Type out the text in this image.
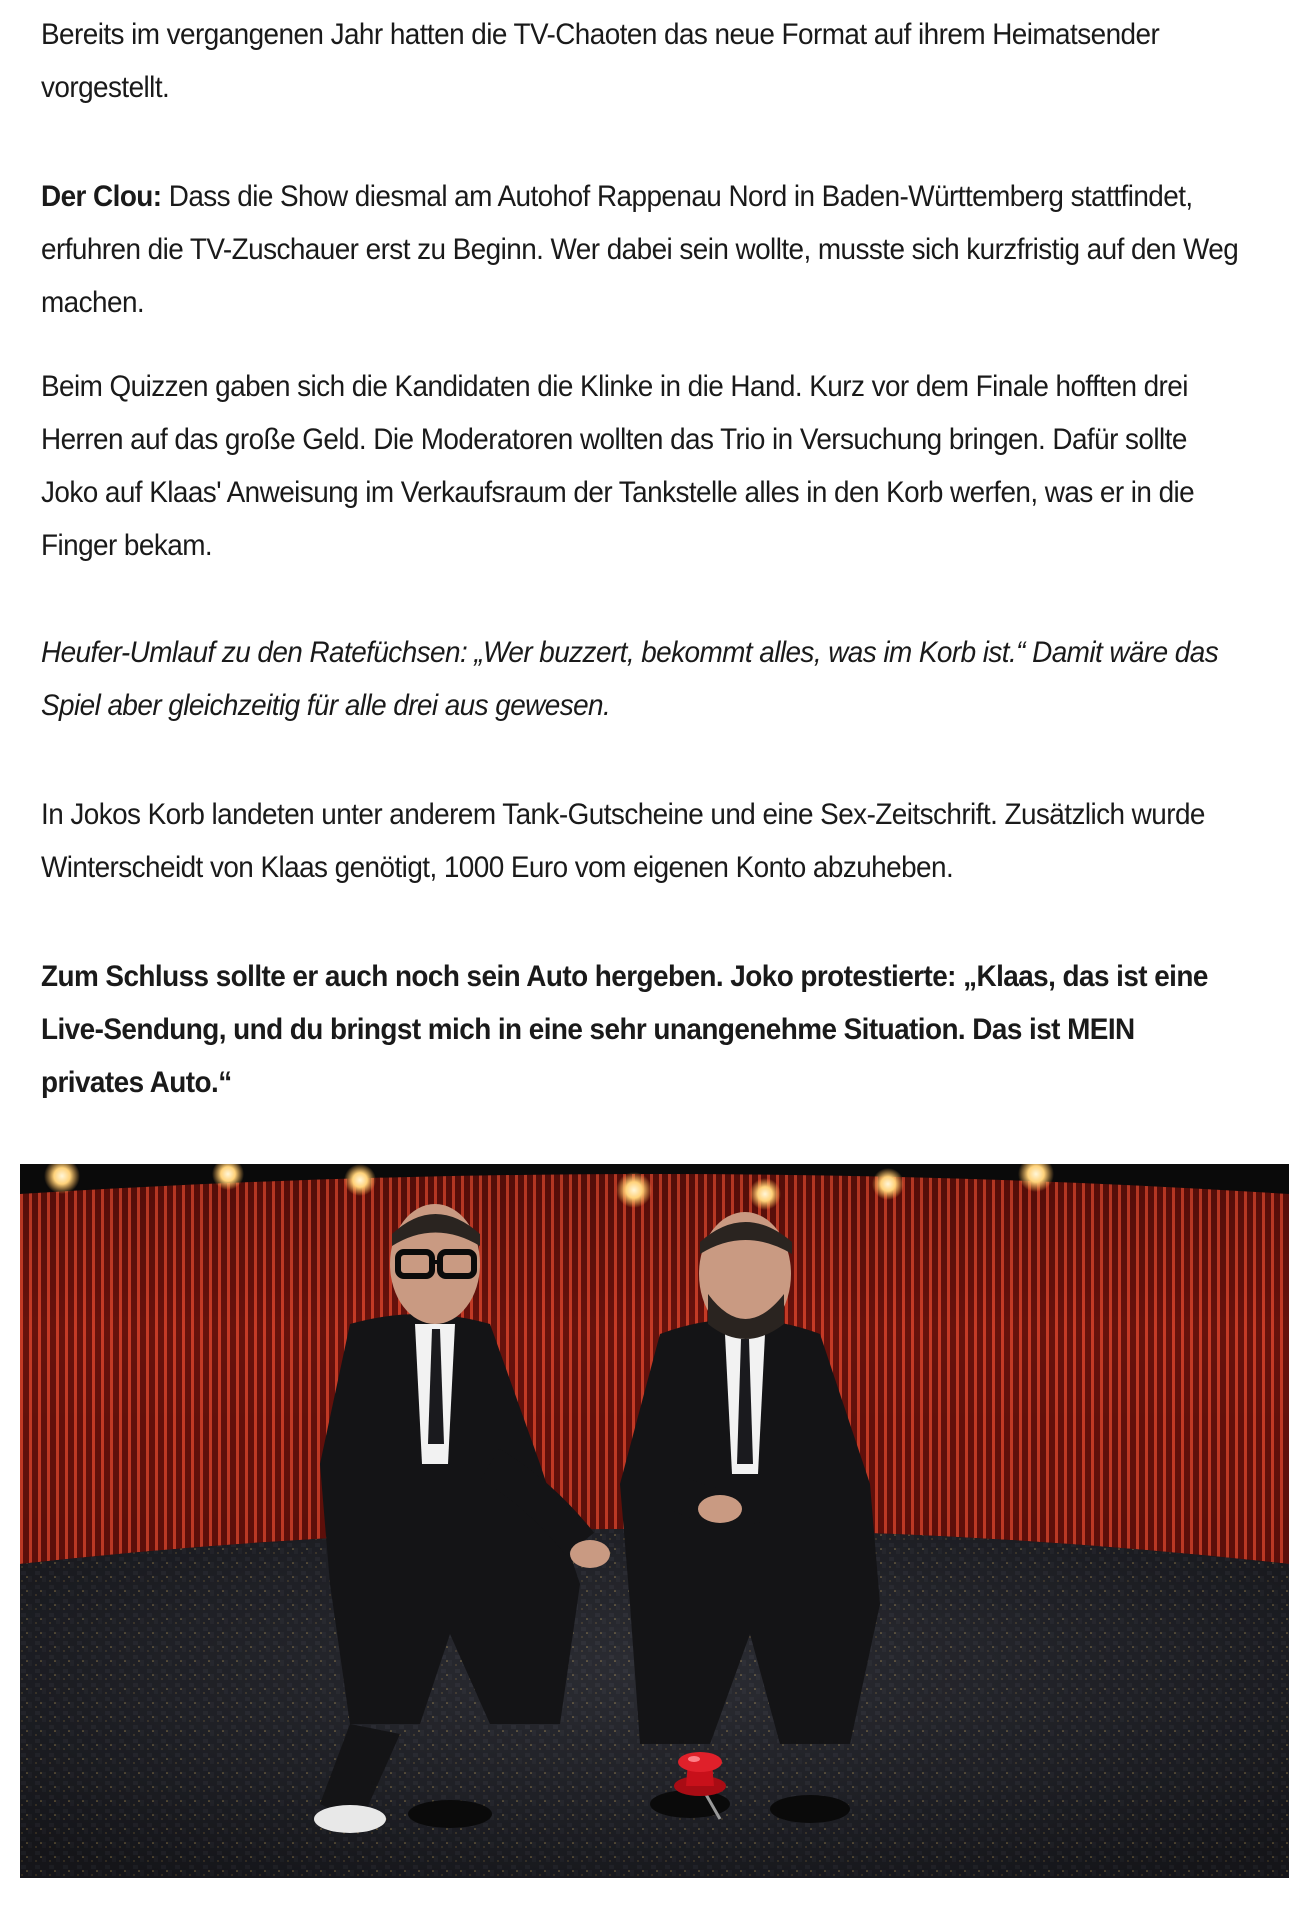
Bereits im vergangenen Jahr hatten die TV-Chaoten das neue Format auf ihrem Heimatsender vorgestellt.

Der Clou: Dass die Show diesmal am Autohof Rappenau Nord in Baden-Württemberg stattfindet, erfuhren die TV-Zuschauer erst zu Beginn. Wer dabei sein wollte, musste sich kurzfristig auf den Weg machen.

Beim Quizzen gaben sich die Kandidaten die Klinke in die Hand. Kurz vor dem Finale hofften drei Herren auf das große Geld. Die Moderatoren wollten das Trio in Versuchung bringen. Dafür sollte Joko auf Klaas' Anweisung im Verkaufsraum der Tankstelle alles in den Korb werfen, was er in die Finger bekam.

Heufer-Umlauf zu den Ratefüchsen: „Wer buzzert, bekommt alles, was im Korb ist.“ Damit wäre das Spiel aber gleichzeitig für alle drei aus gewesen.

In Jokos Korb landeten unter anderem Tank-Gutscheine und eine Sex-Zeitschrift. Zusätzlich wurde Winterscheidt von Klaas genötigt, 1000 Euro vom eigenen Konto abzuheben.

Zum Schluss sollte er auch noch sein Auto hergeben. Joko protestierte: „Klaas, das ist eine Live-Sendung, und du bringst mich in eine sehr unangenehme Situation. Das ist MEIN privates Auto.“
